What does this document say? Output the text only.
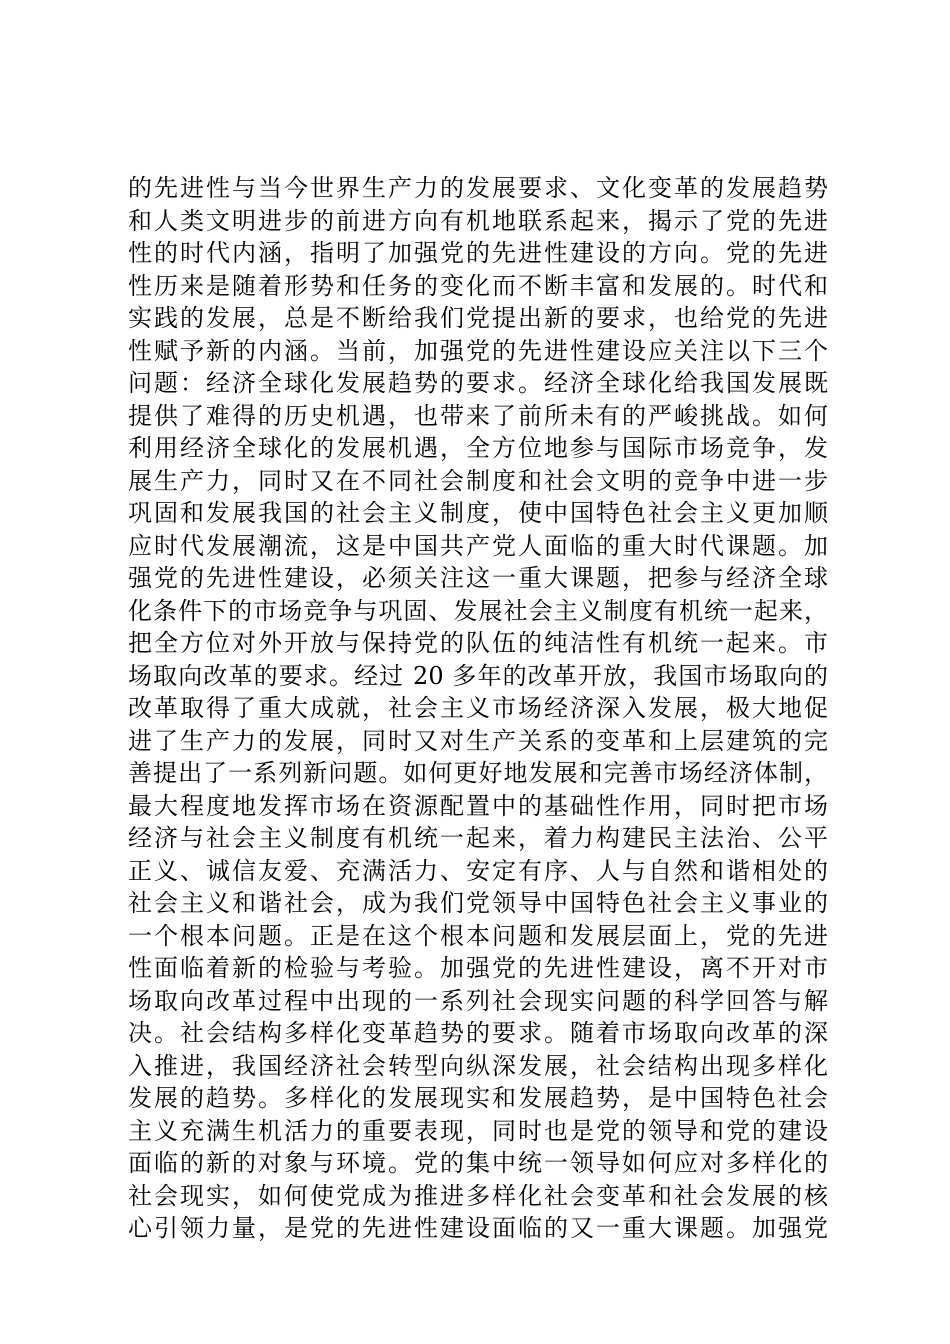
的先进性与当今世界生产力的发展要求、文化变革的发展趋势
和人类文明进步的前进方向有机地联系起来，揭示了党的先进
性的时代内涵，指明了加强党的先进性建设的方向。党的先进
性历来是随着形势和任务的变化而不断丰富和发展的。时代和
实践的发展，总是不断给我们党提出新的要求，也给党的先进
性赋予新的内涵。当前，加强党的先进性建设应关注以下三个
问题：经济全球化发展趋势的要求。经济全球化给我国发展既
提供了难得的历史机遇，也带来了前所未有的严峻挑战。如何
利用经济全球化的发展机遇，全方位地参与国际市场竞争，发
展生产力，同时又在不同社会制度和社会文明的竞争中进一步
巩固和发展我国的社会主义制度，使中国特色社会主义更加顺
应时代发展潮流，这是中国共产党人面临的重大时代课题。加
强党的先进性建设，必须关注这一重大课题，把参与经济全球
化条件下的市场竞争与巩固、发展社会主义制度有机统一起来，
把全方位对外开放与保持党的队伍的纯洁性有机统一起来。市
场取向改革的要求。经过 20 多年的改革开放，我国市场取向的
改革取得了重大成就，社会主义市场经济深入发展，极大地促
进了生产力的发展，同时又对生产关系的变革和上层建筑的完
善提出了一系列新问题。如何更好地发展和完善市场经济体制，
最大程度地发挥市场在资源配置中的基础性作用，同时把市场
经济与社会主义制度有机统一起来，着力构建民主法治、公平
正义、诚信友爱、充满活力、安定有序、人与自然和谐相处的
社会主义和谐社会，成为我们党领导中国特色社会主义事业的
一个根本问题。正是在这个根本问题和发展层面上，党的先进
性面临着新的检验与考验。加强党的先进性建设，离不开对市
场取向改革过程中出现的一系列社会现实问题的科学回答与解
决。社会结构多样化变革趋势的要求。随着市场取向改革的深
入推进，我国经济社会转型向纵深发展，社会结构出现多样化
发展的趋势。多样化的发展现实和发展趋势，是中国特色社会
主义充满生机活力的重要表现，同时也是党的领导和党的建设
面临的新的对象与环境。党的集中统一领导如何应对多样化的
社会现实，如何使党成为推进多样化社会变革和社会发展的核
心引领力量，是党的先进性建设面临的又一重大课题。加强党
